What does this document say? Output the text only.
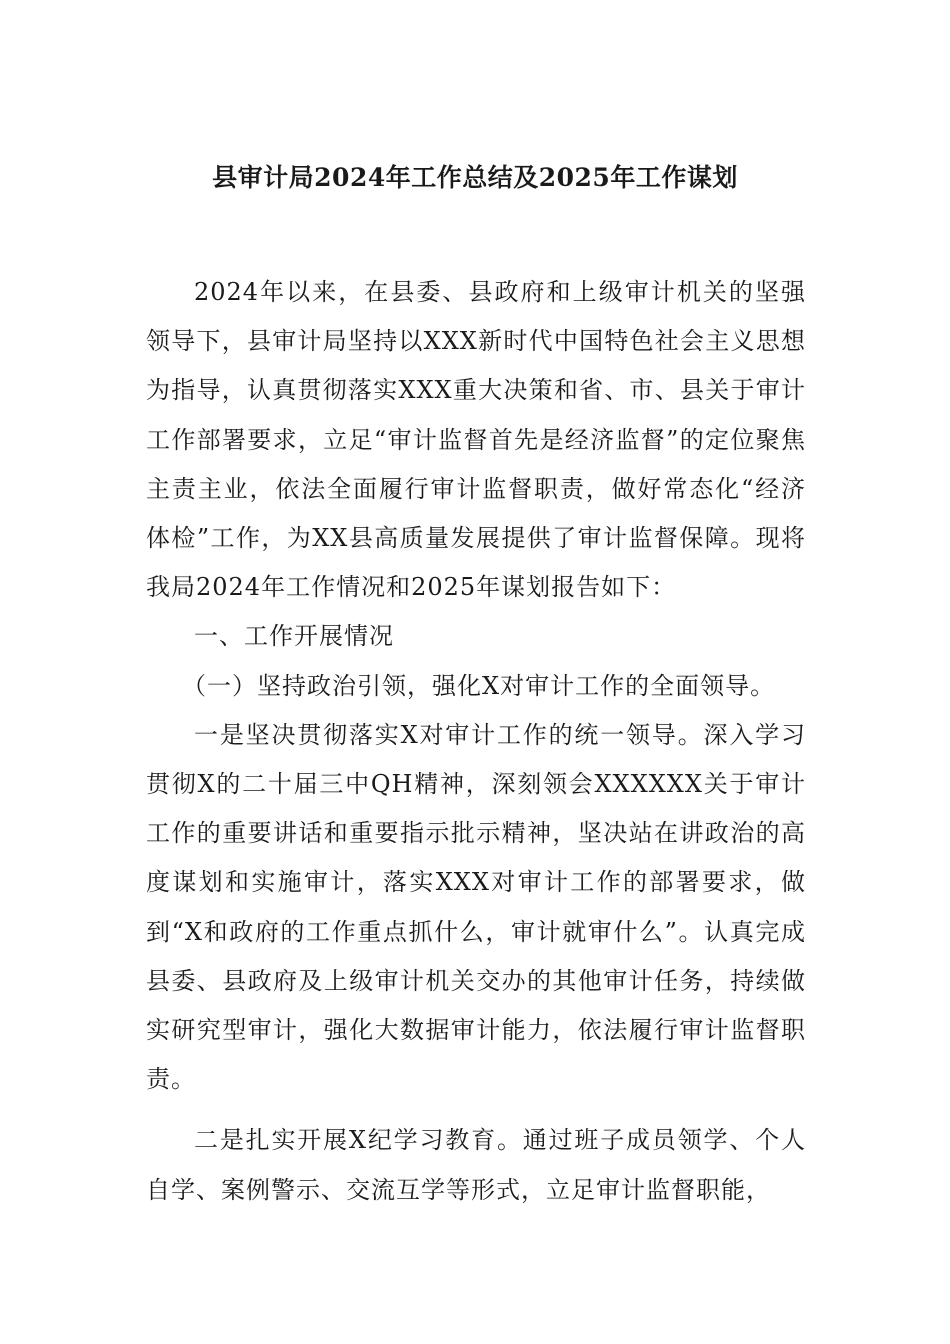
县审计局2024年工作总结及2025年工作谋划

2024年以来，在县委、县政府和上级审计机关的坚强领导下，县审计局坚持以XXX新时代中国特色社会主义思想为指导，认真贯彻落实XXX重大决策和省、市、县关于审计工作部署要求，立足“审计监督首先是经济监督”的定位聚焦主责主业，依法全面履行审计监督职责，做好常态化“经济体检”工作，为XX县高质量发展提供了审计监督保障。现将我局2024年工作情况和2025年谋划报告如下：

一、工作开展情况

（一）坚持政治引领，强化X对审计工作的全面领导。

一是坚决贯彻落实X对审计工作的统一领导。深入学习贯彻X的二十届三中QH精神，深刻领会XXXXXX关于审计工作的重要讲话和重要指示批示精神，坚决站在讲政治的高度谋划和实施审计，落实XXX对审计工作的部署要求，做到“X和政府的工作重点抓什么，审计就审什么”。认真完成县委、县政府及上级审计机关交办的其他审计任务，持续做实研究型审计，强化大数据审计能力，依法履行审计监督职责。

二是扎实开展X纪学习教育。通过班子成员领学、个人自学、案例警示、交流互学等形式，立足审计监督职能，
